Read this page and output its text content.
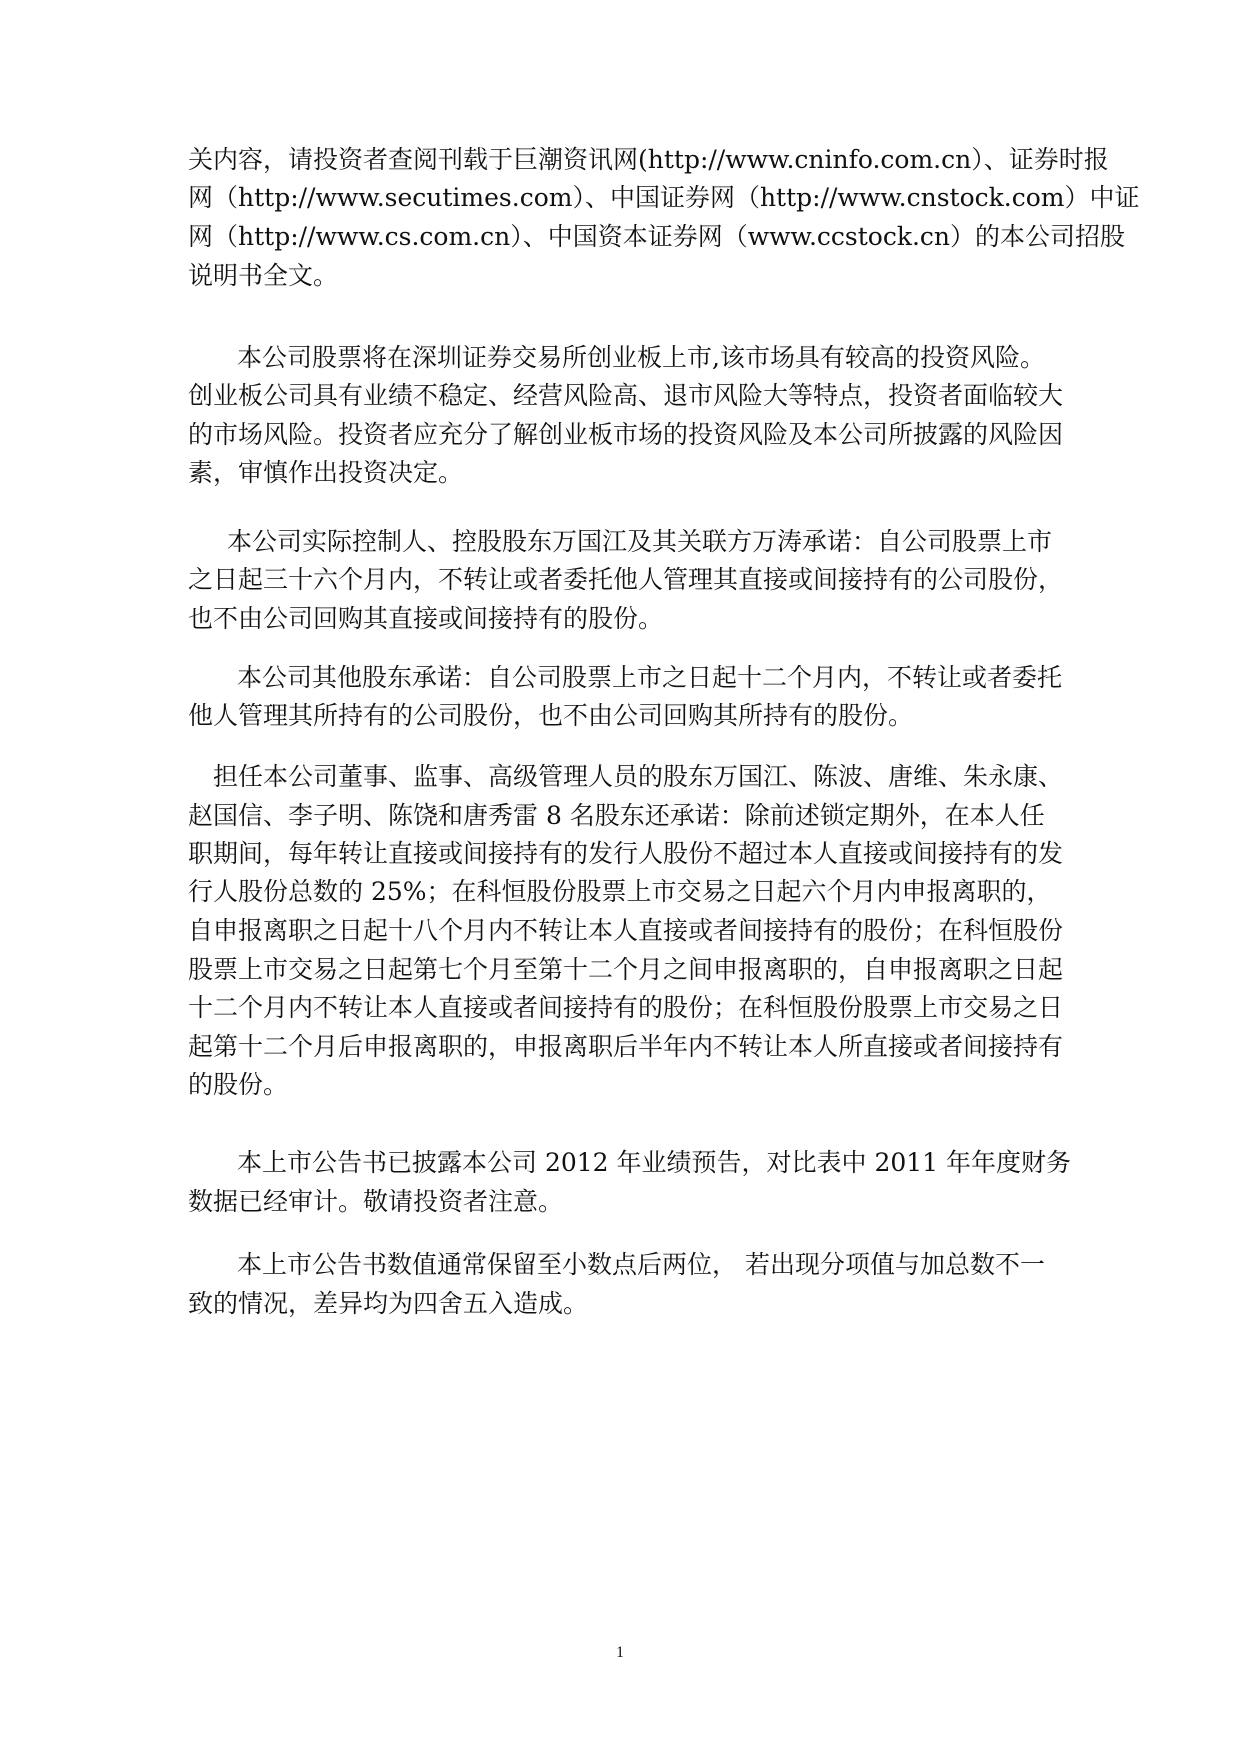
关内容，请投资者查阅刊载于巨潮资讯网(http://www.cninfo.com.cn）、证券时报
网（http://www.secutimes.com）、中国证券网（http://www.cnstock.com）中证
网（http://www.cs.com.cn）、中国资本证券网（www.ccstock.cn）的本公司招股
说明书全文。
本公司股票将在深圳证券交易所创业板上市,该市场具有较高的投资风险。
创业板公司具有业绩不稳定、经营风险高、退市风险大等特点，投资者面临较大
的市场风险。投资者应充分了解创业板市场的投资风险及本公司所披露的风险因
素，审慎作出投资决定。
本公司实际控制人、控股股东万国江及其关联方万涛承诺：自公司股票上市
之日起三十六个月内，不转让或者委托他人管理其直接或间接持有的公司股份，
也不由公司回购其直接或间接持有的股份。
本公司其他股东承诺：自公司股票上市之日起十二个月内，不转让或者委托
他人管理其所持有的公司股份，也不由公司回购其所持有的股份。
担任本公司董事、监事、高级管理人员的股东万国江、陈波、唐维、朱永康、
赵国信、李子明、陈饶和唐秀雷 8 名股东还承诺：除前述锁定期外，在本人任
职期间，每年转让直接或间接持有的发行人股份不超过本人直接或间接持有的发
行人股份总数的 25%；在科恒股份股票上市交易之日起六个月内申报离职的，
自申报离职之日起十八个月内不转让本人直接或者间接持有的股份；在科恒股份
股票上市交易之日起第七个月至第十二个月之间申报离职的，自申报离职之日起
十二个月内不转让本人直接或者间接持有的股份；在科恒股份股票上市交易之日
起第十二个月后申报离职的，申报离职后半年内不转让本人所直接或者间接持有
的股份。
本上市公告书已披露本公司 2012 年业绩预告，对比表中 2011 年年度财务
数据已经审计。敬请投资者注意。
本上市公告书数值通常保留至小数点后两位， 若出现分项值与加总数不一
致的情况，差异均为四舍五入造成。
1
